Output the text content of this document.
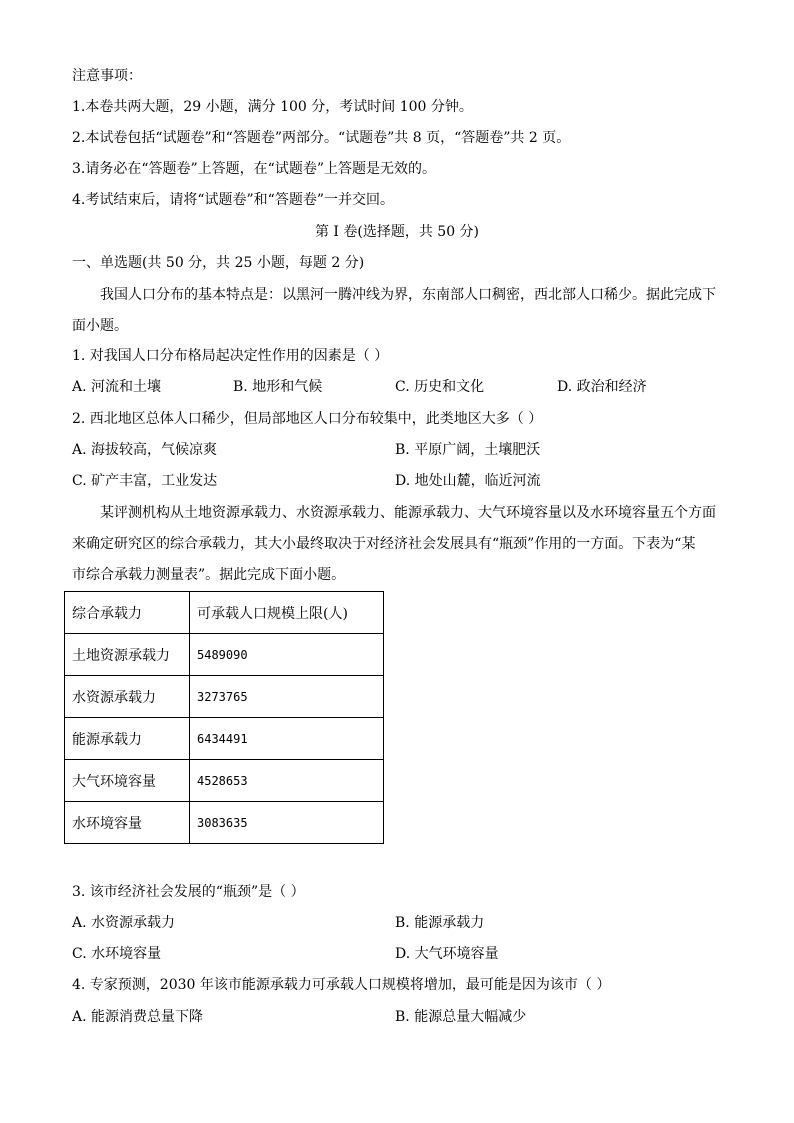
注意事项：
1.本卷共两大题，29 小题，满分 100 分，考试时间 100 分钟。
2.本试卷包括“试题卷”和“答题卷”两部分。“试题卷”共 8 页，“答题卷”共 2 页。
3.请务必在“答题卷”上答题，在“试题卷”上答题是无效的。
4.考试结束后，请将“试题卷”和“答题卷”一并交回。
第 I 卷(选择题，共 50 分)
一、单选题(共 50 分，共 25 小题，每题 2 分)
我国人口分布的基本特点是：以黑河一腾冲线为界，东南部人口稠密，西北部人口稀少。据此完成下
面小题。
1. 对我国人口分布格局起决定性作用的因素是（ ）
A. 河流和土壤	B. 地形和气候	C. 历史和文化	D. 政治和经济
2. 西北地区总体人口稀少，但局部地区人口分布较集中，此类地区大多（ ）
A. 海拔较高，气候凉爽	B. 平原广阔，土壤肥沃
C. 矿产丰富，工业发达	D. 地处山麓，临近河流
某评测机构从土地资源承载力、水资源承载力、能源承载力、大气环境容量以及水环境容量五个方面
来确定研究区的综合承载力，其大小最终取决于对经济社会发展具有“瓶颈”作用的一方面。下表为“某
市综合承载力测量表”。据此完成下面小题。
综合承载力	可承载人口规模上限(人)
土地资源承载力	5489090
水资源承载力	3273765
能源承载力	6434491
大气环境容量	4528653
水环境容量	3083635
3. 该市经济社会发展的“瓶颈”是（ ）
A. 水资源承载力	B. 能源承载力
C. 水环境容量	D. 大气环境容量
4. 专家预测，2030 年该市能源承载力可承载人口规模将增加，最可能是因为该市（ ）
A. 能源消费总量下降	B. 能源总量大幅减少
